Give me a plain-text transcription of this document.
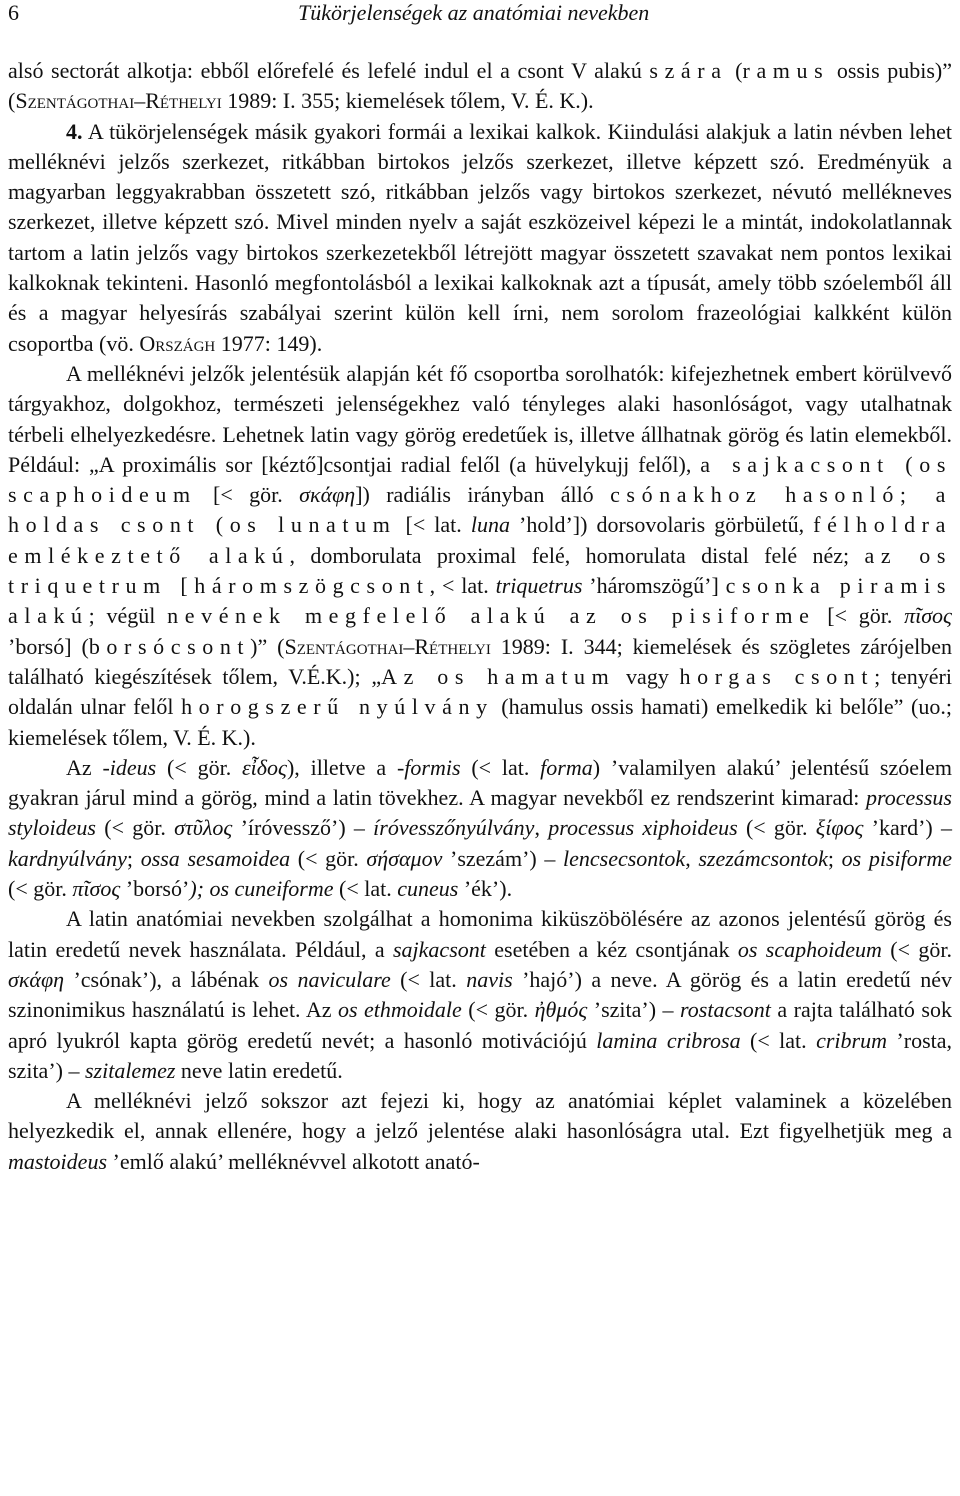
6	Tükörjelenségek az anatómiai nevekben

alsó sectorát alkotja: ebből előrefelé és lefelé indul el a csont V alakú szára (ramus ossis pubis)” (Szentágothai–Réthelyi 1989: I. 355; kiemelések tőlem, V. É. K.).

4. A tükörjelenségek másik gyakori formái a lexikai kalkok. Kiindulási alakjuk a latin névben lehet melléknévi jelzős szerkezet, ritkábban birtokos jelzős szerkezet, illetve képzett szó. Eredményük a magyarban leggyakrabban összetett szó, ritkábban jelzős vagy birtokos szerkezet, névutó mellékneves szerkezet, illetve képzett szó. Mivel minden nyelv a saját eszközeivel képezi le a mintát, indokolatlannak tartom a latin jelzős vagy birtokos szerkezetekből létrejött magyar összetett szavakat nem pontos lexikai kalkoknak tekinteni. Hasonló megfontolásból a lexikai kalkoknak azt a típusát, amely több szóelemből áll és a magyar helyesírás szabályai szerint külön kell írni, nem sorolom frazeológiai kalkként külön csoportba (vö. Országh 1977: 149).

A melléknévi jelzők jelentésük alapján két fő csoportba sorolhatók: kifejezhetnek embert körülvevő tárgyakhoz, dolgokhoz, természeti jelenségekhez való tényleges alaki hasonlóságot, vagy utalhatnak térbeli elhelyezkedésre. Lehetnek latin vagy görög eredetűek is, illetve állhatnak görög és latin elemekből. Például: „A proximális sor [kéztő]csontjai radial felől (a hüvelykujj felől), a sajkacsont (os scaphoideum [< gör. σκάφη]) radiális irányban álló csónakhoz hasonló; a holdas csont (os lunatum [< lat. luna ’hold’]) dorsovolaris görbületű, félholdra emlékeztető alakú, domborulata proximal felé, homorulata distal felé néz; az os triquetrum [háromszögcsont, < lat. triquetrus ’háromszögű’] csonka piramis alakú; végül nevének megfelelő alakú az os pisiforme [< gör. πῖσος ’borsó] (borsócsont)” (Szentágothai–Réthelyi 1989: I. 344; kiemelések és szögletes zárójelben található kiegészítések tőlem, V.É.K.); „Az os hamatum vagy horgas csont; tenyéri oldalán ulnar felől horogszerű nyúlvány (hamulus ossis hamati) emelkedik ki belőle” (uo.; kiemelések tőlem, V. É. K.).

Az -ideus (< gör. εἶδος), illetve a -formis (< lat. forma) ’valamilyen alakú’ jelentésű szóelem gyakran járul mind a görög, mind a latin tövekhez. A magyar nevekből ez rendszerint kimarad: processus styloideus (< gör. στῦλος ’íróvessző’) – íróvesszőnyúlvány, processus xiphoideus (< gör. ξίφος ’kard’) – kardnyúlvány; ossa sesamoidea (< gör. σήσαμον ’szezám’) – lencsecsontok, szezámcsontok; os pisiforme (< gör. πῖσος ’borsó’); os cuneiforme (< lat. cuneus ’ék’).

A latin anatómiai nevekben szolgálhat a homonima kiküszöbölésére az azonos jelentésű görög és latin eredetű nevek használata. Például, a sajkacsont esetében a kéz csontjának os scaphoideum (< gör. σκάφη ’csónak’), a lábénak os naviculare (< lat. navis ’hajó’) a neve. A görög és a latin eredetű név szinonimikus használatú is lehet. Az os ethmoidale (< gör. ἠθμός ’szita’) – rostacsont a rajta található sok apró lyukról kapta görög eredetű nevét; a hasonló motivációjú lamina cribrosa (< lat. cribrum ’rosta, szita’) – szitalemez neve latin eredetű.

A melléknévi jelző sokszor azt fejezi ki, hogy az anatómiai képlet valaminek a közelében helyezkedik el, annak ellenére, hogy a jelző jelentése alaki hasonlóságra utal. Ezt figyelhetjük meg a mastoideus ’emlő alakú’ melléknévvel alkotott anató-
